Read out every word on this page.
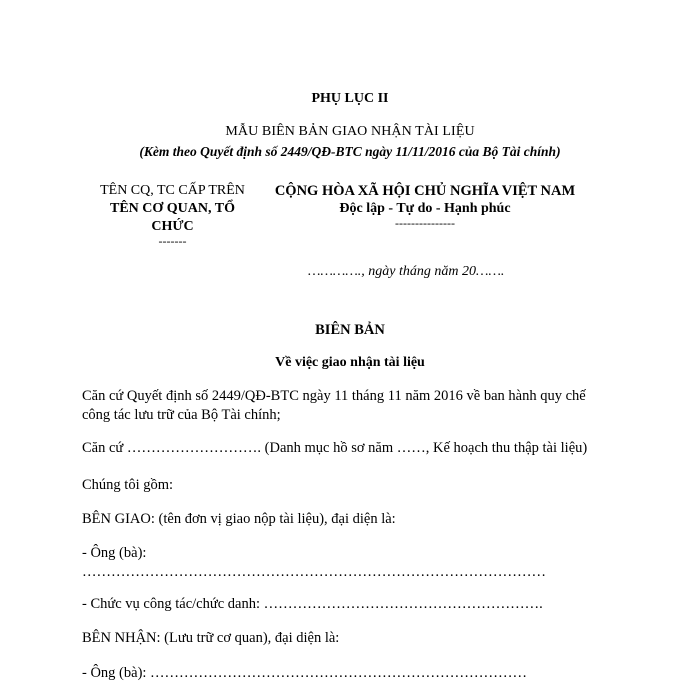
PHỤ LỤC II
MẪU BIÊN BẢN GIAO NHẬN TÀI LIỆU
(Kèm theo Quyết định số 2449/QĐ-BTC ngày 11/11/2016 của Bộ Tài chính)
TÊN CQ, TC CẤP TRÊN
TÊN CƠ QUAN, TỔ
CHỨC
-------
CỘNG HÒA XÃ HỘI CHỦ NGHĨA VIỆT NAM
Độc lập - Tự do - Hạnh phúc
---------------
…………., ngày tháng năm 20…….
BIÊN BẢN
Về việc giao nhận tài liệu
Căn cứ Quyết định số 2449/QĐ-BTC ngày 11 tháng 11 năm 2016 về ban hành quy chế công tác lưu trữ của Bộ Tài chính;
Căn cứ ………………………. (Danh mục hồ sơ năm ……, Kế hoạch thu thập tài liệu)
Chúng tôi gồm:
BÊN GIAO: (tên đơn vị giao nộp tài liệu), đại diện là:
- Ông (bà):
……………………………………………………………………………………
- Chức vụ công tác/chức danh: ………………………………………………….
BÊN NHẬN: (Lưu trữ cơ quan), đại diện là:
- Ông (bà): ……………………………………………………………………
